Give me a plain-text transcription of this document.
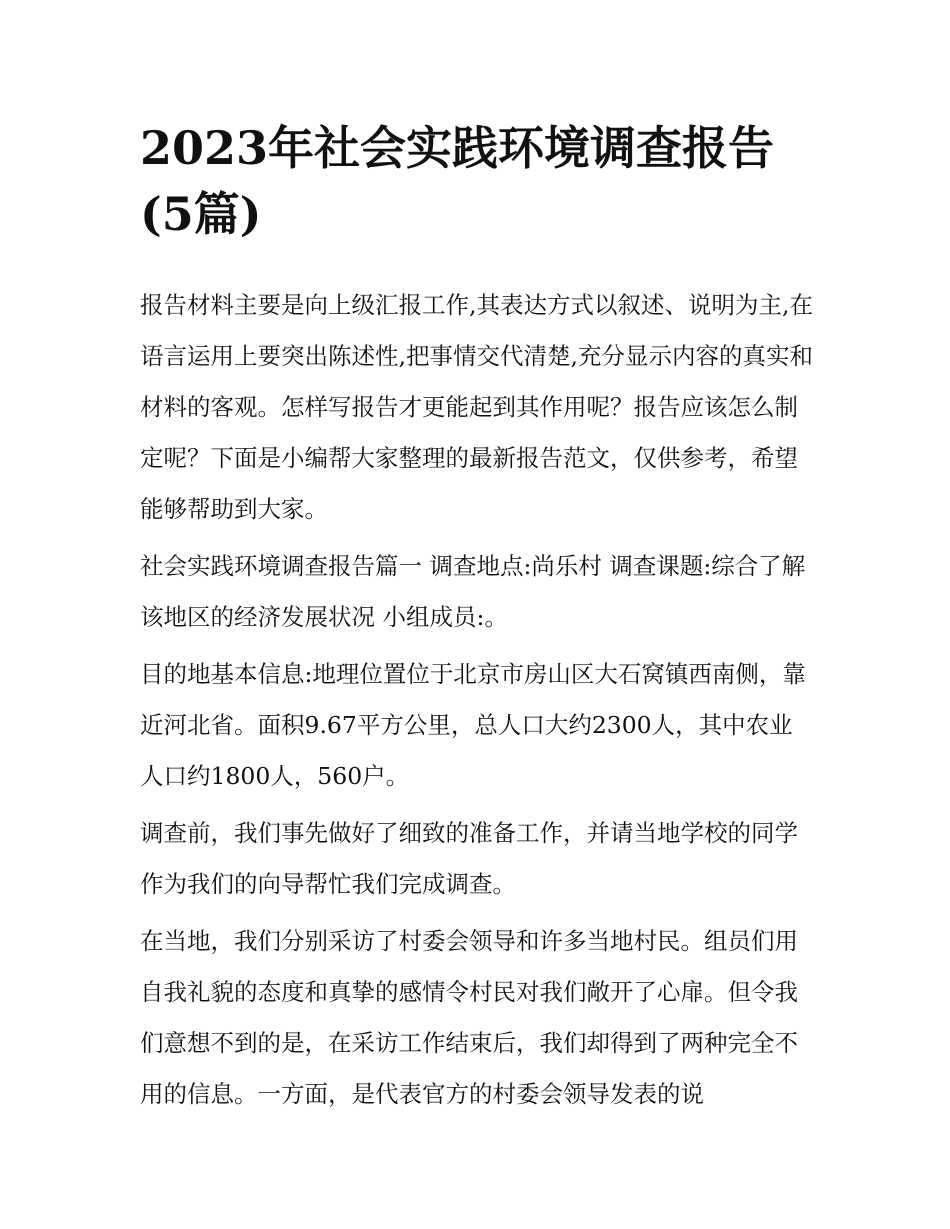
2023年社会实践环境调查报告(5篇)

报告材料主要是向上级汇报工作,其表达方式以叙述、说明为主,在语言运用上要突出陈述性,把事情交代清楚,充分显示内容的真实和材料的客观。怎样写报告才更能起到其作用呢？报告应该怎么制定呢？下面是小编帮大家整理的最新报告范文，仅供参考，希望能够帮助到大家。

社会实践环境调查报告篇一 调查地点:尚乐村 调查课题:综合了解该地区的经济发展状况 小组成员:。

目的地基本信息:地理位置位于北京市房山区大石窝镇西南侧，靠近河北省。面积9.67平方公里，总人口大约2300人，其中农业人口约1800人，560户。

调查前，我们事先做好了细致的准备工作，并请当地学校的同学作为我们的向导帮忙我们完成调查。

在当地，我们分别采访了村委会领导和许多当地村民。组员们用自我礼貌的态度和真挚的感情令村民对我们敞开了心扉。但令我们意想不到的是，在采访工作结束后，我们却得到了两种完全不用的信息。一方面，是代表官方的村委会领导发表的说
